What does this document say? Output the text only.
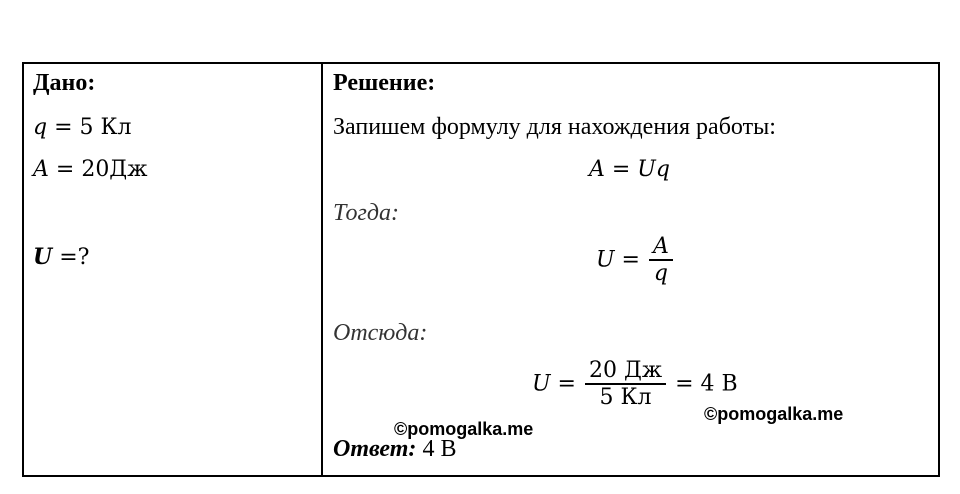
Дано:
q = 5 Кл
A = 20Дж
U =?
Решение:
Запишем формулу для нахождения работы:
A = Uq
Тогда:
$U = \frac{A}{q}$
Отсюда:
$U = \frac{20 Дж}{5 Кл} = 4$ В
Ответ: 4 В
©pomogalka.me
©pomogalka.me
